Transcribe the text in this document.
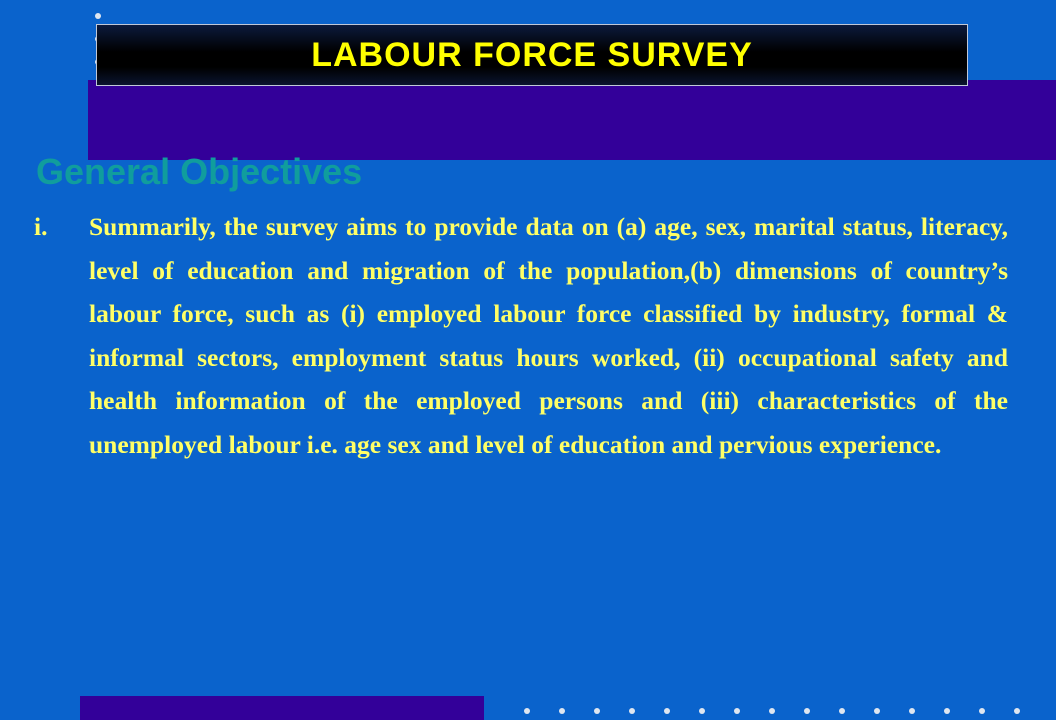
LABOUR FORCE SURVEY
General Objectives
i.	Summarily, the survey aims to provide data on (a) age, sex, marital status, literacy, level of education and migration of the population,(b) dimensions of country’s labour force, such as (i) employed labour force classified by industry, formal & informal sectors, employment status hours worked, (ii) occupational safety and health information of the employed persons and (iii) characteristics of the unemployed labour i.e. age sex and level of education and pervious experience.
